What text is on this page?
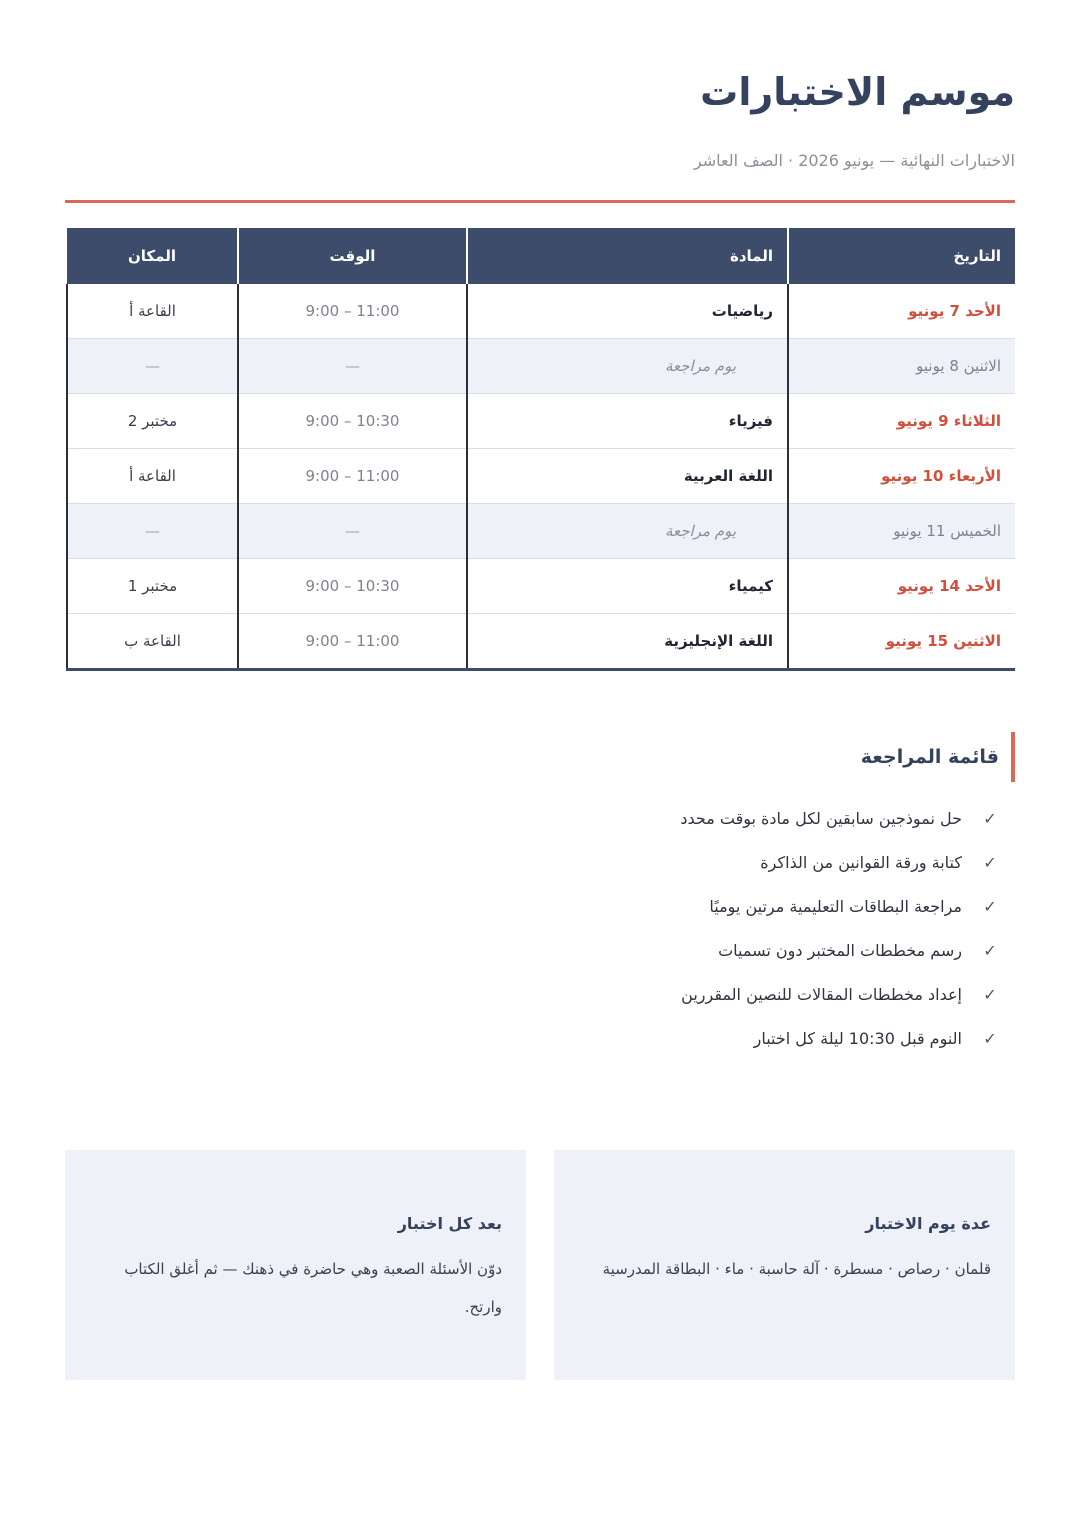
موسم الاختبارات
الاختبارات النهائية — يونيو 2026 · الصف العاشر
التاريخ	المادة	الوقت	المكان
الأحد 7 يونيو	رياضيات	9:00 – 11:00	القاعة أ
الاثنين 8 يونيو	يوم مراجعة	—	—
الثلاثاء 9 يونيو	فيزياء	9:00 – 10:30	مختبر 2
الأربعاء 10 يونيو	اللغة العربية	9:00 – 11:00	القاعة أ
الخميس 11 يونيو	يوم مراجعة	—	—
الأحد 14 يونيو	كيمياء	9:00 – 10:30	مختبر 1
الاثنين 15 يونيو	اللغة الإنجليزية	9:00 – 11:00	القاعة ب
قائمة المراجعة
✓
حل نموذجين سابقين لكل مادة بوقت محدد
✓
كتابة ورقة القوانين من الذاكرة
✓
مراجعة البطاقات التعليمية مرتين يوميًا
✓
رسم مخططات المختبر دون تسميات
✓
إعداد مخططات المقالات للنصين المقررين
✓
النوم قبل 10:30 ليلة كل اختبار
عدة يوم الاختبار
قلمان · رصاص · مسطرة · آلة حاسبة · ماء · البطاقة المدرسية
بعد كل اختبار
دوّن الأسئلة الصعبة وهي حاضرة في ذهنك — ثم أغلق الكتاب وارتح.
